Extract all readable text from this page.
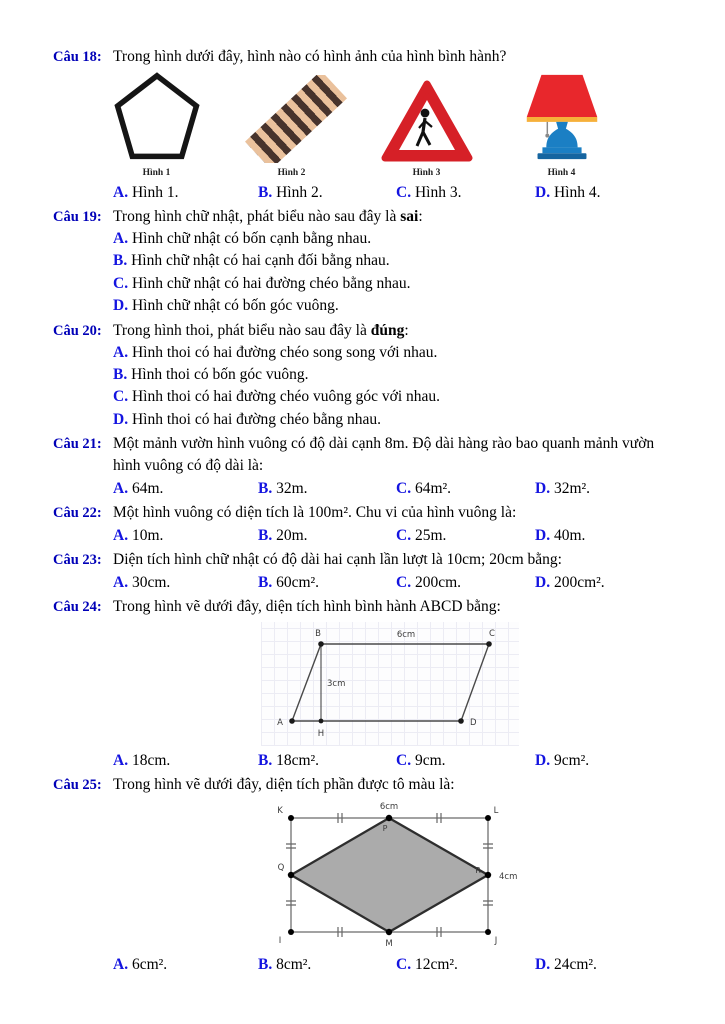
Câu 18: Trong hình dưới đây, hình nào có hình ảnh của hình bình hành?
Hình 1	Hình 2	Hình 3	Hình 4
A. Hình 1.	B. Hình 2.	C. Hình 3.	D. Hình 4.
Câu 19: Trong hình chữ nhật, phát biểu nào sau đây là sai:
A. Hình chữ nhật có bốn cạnh bằng nhau.
B. Hình chữ nhật có hai cạnh đối bằng nhau.
C. Hình chữ nhật có hai đường chéo bằng nhau.
D. Hình chữ nhật có bốn góc vuông.
Câu 20: Trong hình thoi, phát biểu nào sau đây là đúng:
A. Hình thoi có hai đường chéo song song với nhau.
B. Hình thoi có bốn góc vuông.
C. Hình thoi có hai đường chéo vuông góc với nhau.
D. Hình thoi có hai đường chéo bằng nhau.
Câu 21: Một mảnh vườn hình vuông có độ dài cạnh 8m. Độ dài hàng rào bao quanh mảnh vườn hình vuông có độ dài là:
A. 64m.	B. 32m.	C. 64m².	D. 32m².
Câu 22: Một hình vuông có diện tích là 100m². Chu vi của hình vuông là:
A. 10m.	B. 20m.	C. 25m.	D. 40m.
Câu 23: Diện tích hình chữ nhật có độ dài hai cạnh lần lượt là 10cm; 20cm bằng:
A. 30cm.	B. 60cm².	C. 200cm.	D. 200cm².
Câu 24: Trong hình vẽ dưới đây, diện tích hình bình hành ABCD bằng:
B	6cm	C
3cm
A
H
D
A. 18cm.	B. 18cm².	C. 9cm.	D. 9cm².
Câu 25: Trong hình vẽ dưới đây, diện tích phần được tô màu là:
K	6cm	L
P
Q	R
4cm
I	M	J
A. 6cm².	B. 8cm².	C. 12cm².	D. 24cm².
